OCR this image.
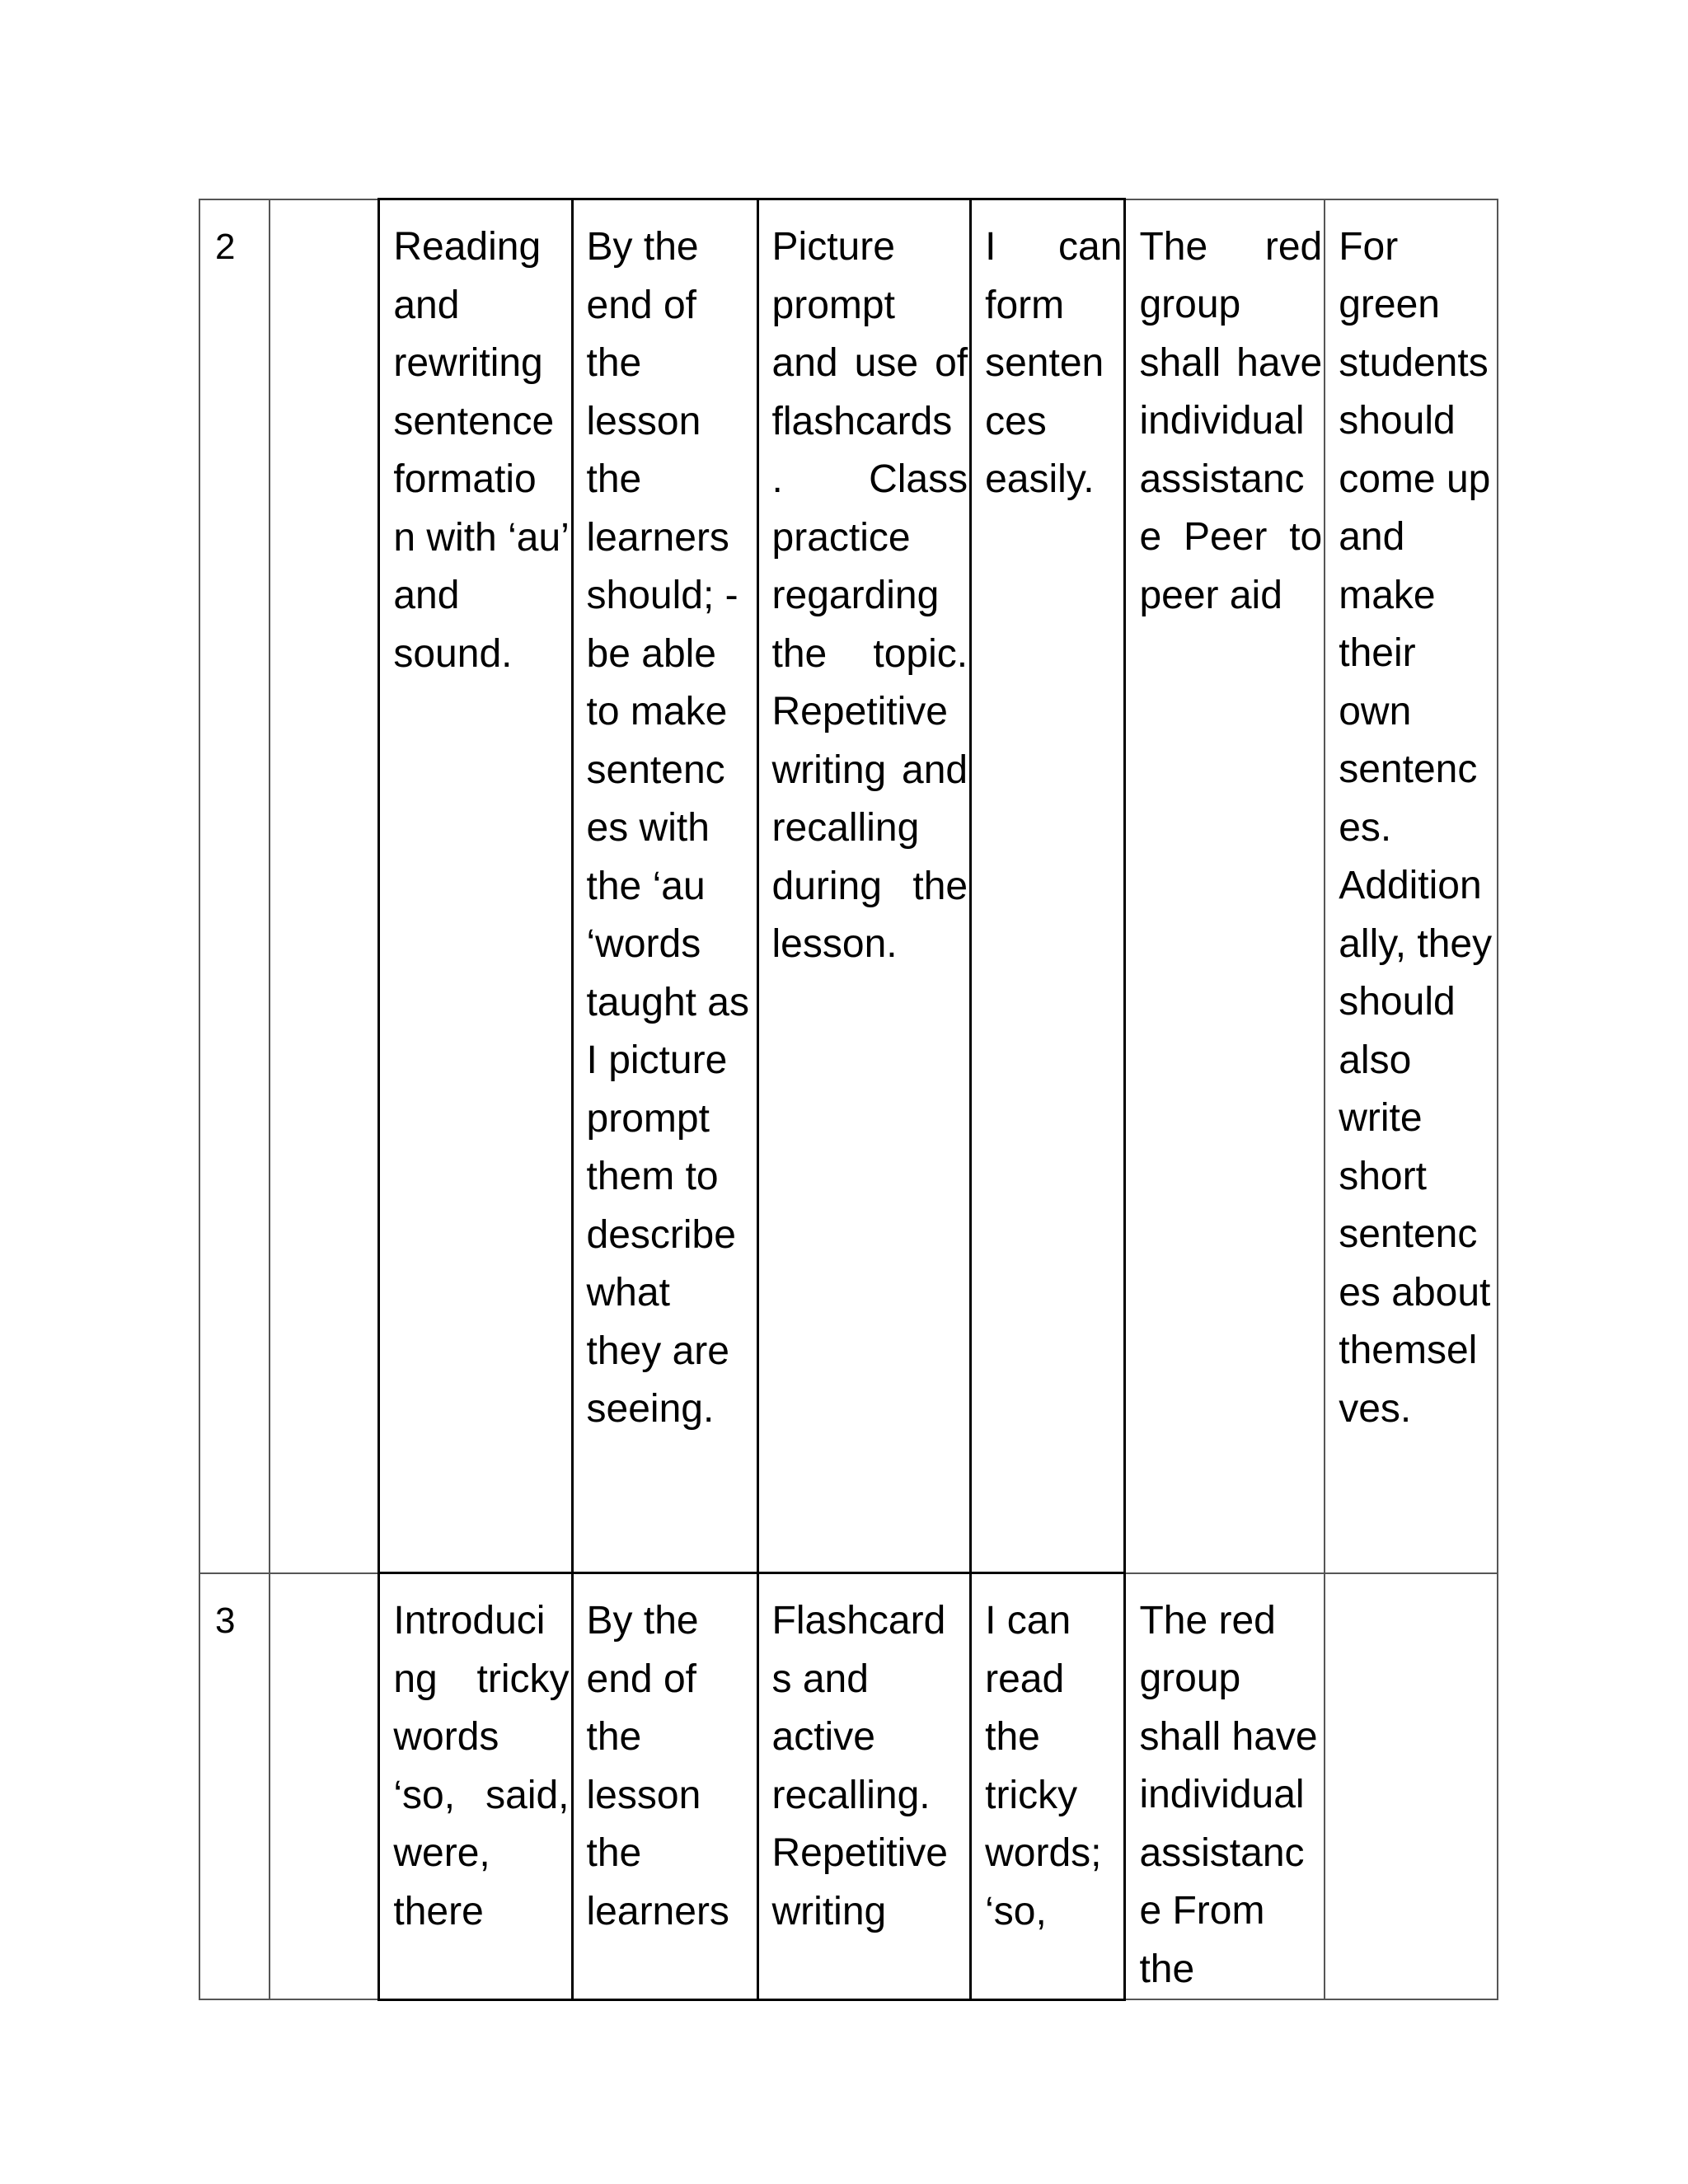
2		Reading and rewriting sentence formatio n with ‘au’ and sound.	By the end of the lesson the learners should; - be able to make sentenc es with the ‘au ‘words taught as I picture prompt them to describe what they are seeing.	Picture prompt and use of flashcards . Class practice regarding the topic. Repetitive writing and recalling during the lesson.	I can form senten ces easily.	The red group shall have individual assistance Peer to peer aid	For green students should come up and make their own sentenc es. Addition ally, they should also write short sentenc es about themsel ves.

3		Introduci ng tricky words ‘so, said, were, there	By the end of the lesson the learners	Flashcard s and active recalling. Repetitive writing	I can read the tricky words; ‘so,	The red group shall have individual assistance From the	
